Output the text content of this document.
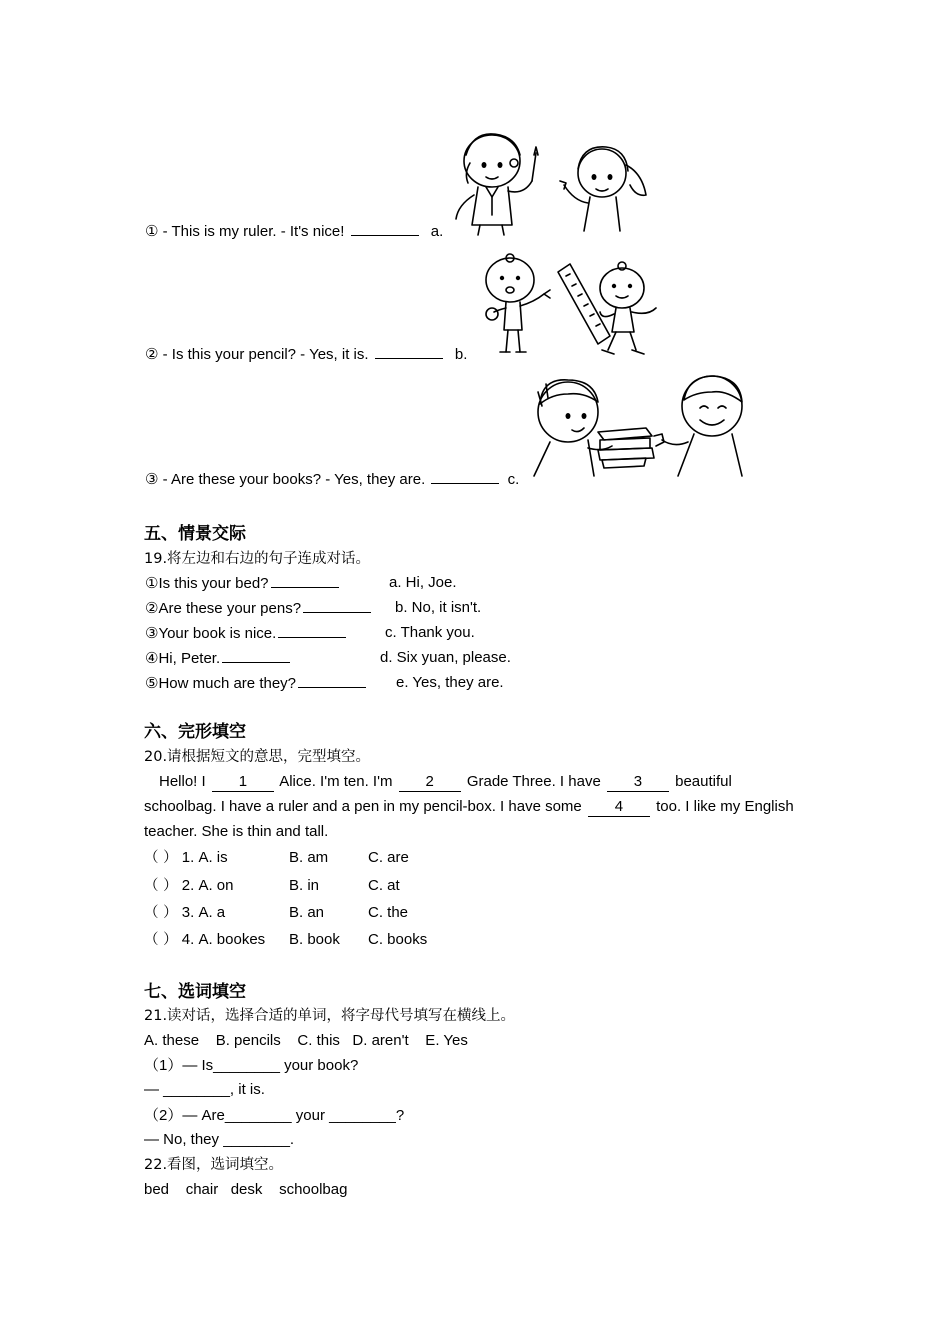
① - This is my ruler. - It's nice!	a.
② - Is this your pencil? - Yes, it is.	b.
③ - Are these your books? - Yes, they are.	c.
五、情景交际
19.将左边和右边的句子连成对话。
①Is this your bed?	a. Hi, Joe.
②Are these your pens?	b. No, it isn't.
③Your book is nice.	c. Thank you.
④Hi, Peter.	d. Six yuan, please.
⑤How much are they?	e. Yes, they are.
六、完形填空
20.请根据短文的意思，完型填空。
Hello! I 1 Alice. I'm ten. I'm 2 Grade Three. I have 3 beautiful
schoolbag. I have a ruler and a pen in my pencil-box. I have some 4 too. I like my English
teacher. She is thin and tall.
（ ） 1. A. is	B. am	C. are
（ ） 2. A. on	B. in	C. at
（ ） 3. A. a	B. an	C. the
（ ） 4. A. bookes B. book C. books
七、选词填空
21.读对话，选择合适的单词，将字母代号填写在横线上。
A. these    B. pencils    C. this   D. aren't    E. Yes
（1）— Is________ your book?
— ________, it is.
（2）— Are________ your ________?
— No, they ________.
22.看图，选词填空。
bed    chair   desk    schoolbag
